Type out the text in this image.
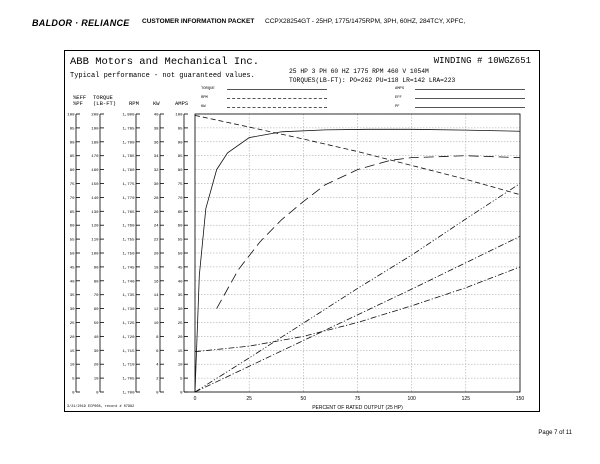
BALDOR · RELIANCE CUSTOMER INFORMATION PACKET CCPX28254GT - 25HP, 1775/1475RPM, 3PH, 60HZ, 284TCY, XPFC,
ABB Motors and Mechanical Inc.
Typical performance - not guaranteed values.
WINDING # 10WGZ651
25 HP 3 PH 60 HZ 1775 RPM 460 V 1054M
TORQUES(LB-FT): PO=262 PU=118 LR=142 LRA=223
TORQUE
RPM
KW
AMPS
EFF
PF
%EFF
%PF
TORQUE
(LB-FT) RPM	KW	AMPS
3/21/2019 ECP008, record # 07982
0	25	50	75	100	125	150
100
95
90
85
80
75
70
65
60
55
50
45
40
35
30
25
20
15
10
5
0
200
190
180
170
160
150
140
130
120
110
100
90
80
70
60
50
40
30
20
10
0
1,800
1,795
1,790
1,785
1,780
1,775
1,770
1,765
1,760
1,755
1,750
1,745
1,740
1,735
1,730
1,725
1,720
1,715
1,710
1,705
1,700
40
38
36
34
32
30
28
26
24
22
20
18
16
14
12
10
8
6
4
2
0
100
95
90
85
80
75
70
65
60
55
50
45
40
35
30
25
20
15
10
5
0
PERCENT OF RATED OUTPUT (25 HP)
Page 7 of 11
